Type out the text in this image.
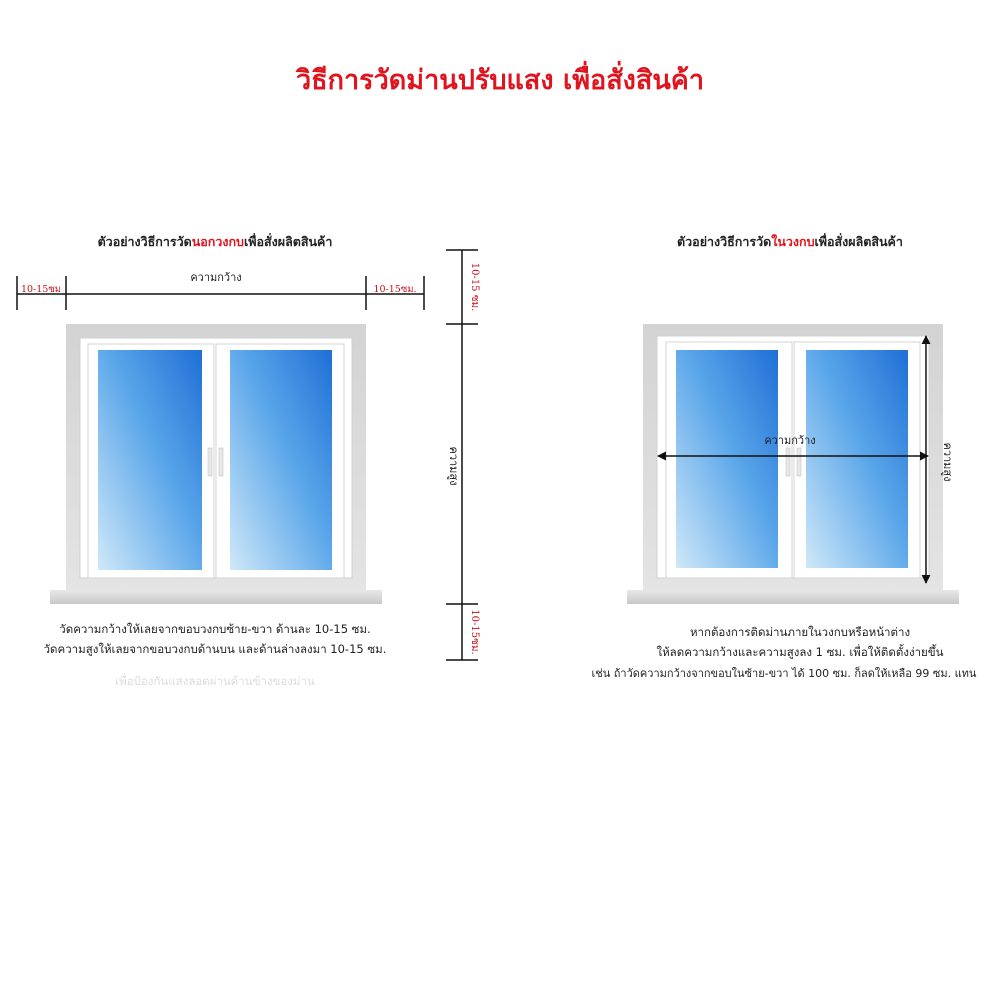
วิธีการวัดม่านปรับแสง เพื่อสั่งสินค้า
ตัวอย่างวิธีการวัดนอกวงกบเพื่อสั่งผลิตสินค้า	ตัวอย่างวิธีการวัดในวงกบเพื่อสั่งผลิตสินค้า
ความกว้าง
10-15ซม	10-15ซม.	10-15 ซม.
ความสูง
10-15ซม.
ความกว้าง
ความสูง
วัดความกว้างให้เลยจากขอบวงกบซ้าย-ขวา ด้านละ 10-15 ซม.
วัดความสูงให้เลยจากขอบวงกบด้านบน และด้านล่างลงมา 10-15 ซม.
เพื่อป้องกันแสงลอดผ่านด้านข้างของม่าน
หากต้องการติดม่านภายในวงกบหรือหน้าต่าง
ให้ลดความกว้างและความสูงลง 1 ซม. เพื่อให้ติดตั้งง่ายขึ้น
เช่น ถ้าวัดความกว้างจากขอบในซ้าย-ขวา ได้ 100 ซม. ก็ลดให้เหลือ 99 ซม. แทน
